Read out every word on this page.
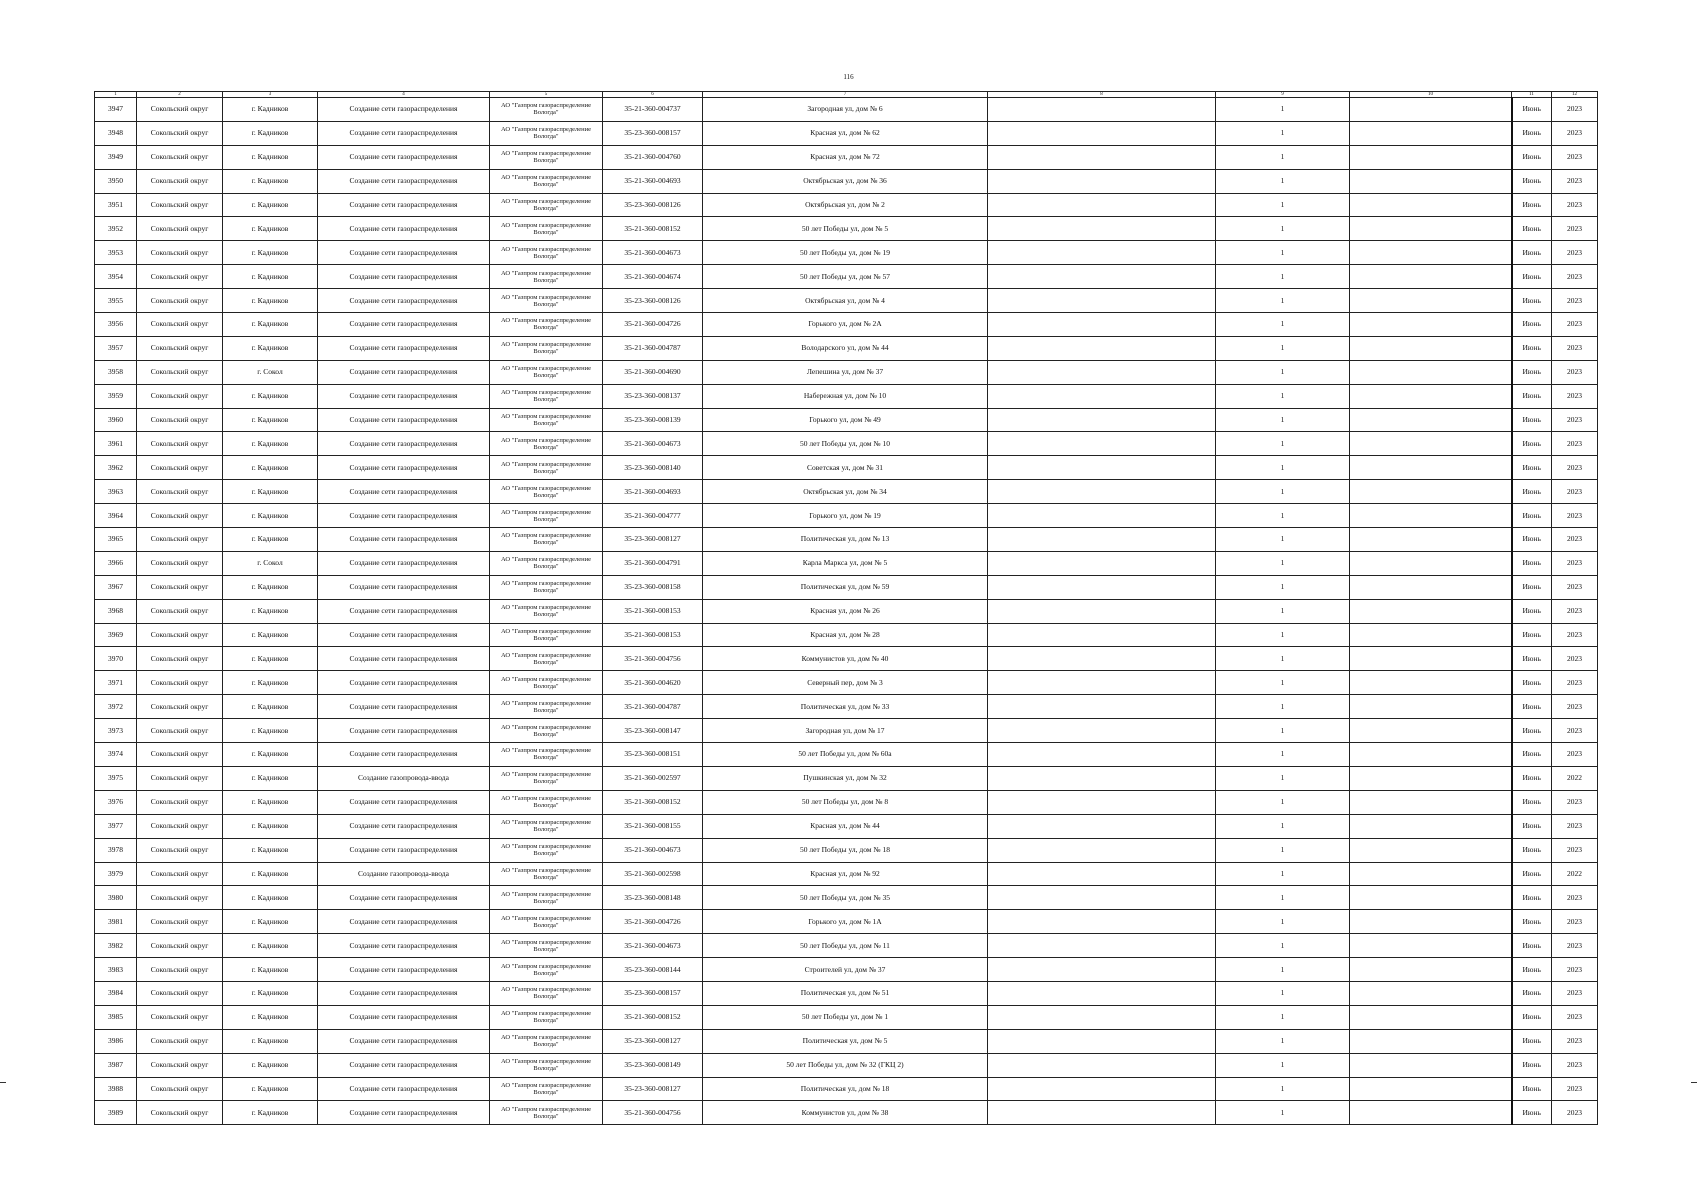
116
1	2	3	4	5	6	7	8	9	10	11	12
3947	Сокольский округ	г. Кадников	Создание сети газораспределения	АО "Газпром газораспределение Вологда"	35-21-360-004737	Загородная ул, дом № 6		1		Июнь	2023
3948	Сокольский округ	г. Кадников	Создание сети газораспределения	АО "Газпром газораспределение Вологда"	35-23-360-008157	Красная ул, дом № 62		1		Июнь	2023
3949	Сокольский округ	г. Кадников	Создание сети газораспределения	АО "Газпром газораспределение Вологда"	35-21-360-004760	Красная ул, дом № 72		1		Июнь	2023
3950	Сокольский округ	г. Кадников	Создание сети газораспределения	АО "Газпром газораспределение Вологда"	35-21-360-004693	Октябрьская ул, дом № 36		1		Июнь	2023
3951	Сокольский округ	г. Кадников	Создание сети газораспределения	АО "Газпром газораспределение Вологда"	35-23-360-008126	Октябрьская ул, дом № 2		1		Июнь	2023
3952	Сокольский округ	г. Кадников	Создание сети газораспределения	АО "Газпром газораспределение Вологда"	35-21-360-008152	50 лет Победы ул, дом № 5		1		Июнь	2023
3953	Сокольский округ	г. Кадников	Создание сети газораспределения	АО "Газпром газораспределение Вологда"	35-21-360-004673	50 лет Победы ул, дом № 19		1		Июнь	2023
3954	Сокольский округ	г. Кадников	Создание сети газораспределения	АО "Газпром газораспределение Вологда"	35-21-360-004674	50 лет Победы ул, дом № 57		1		Июнь	2023
3955	Сокольский округ	г. Кадников	Создание сети газораспределения	АО "Газпром газораспределение Вологда"	35-23-360-008126	Октябрьская ул, дом № 4		1		Июнь	2023
3956	Сокольский округ	г. Кадников	Создание сети газораспределения	АО "Газпром газораспределение Вологда"	35-21-360-004726	Горького ул, дом № 2А		1		Июнь	2023
3957	Сокольский округ	г. Кадников	Создание сети газораспределения	АО "Газпром газораспределение Вологда"	35-21-360-004787	Володарского ул, дом № 44		1		Июнь	2023
3958	Сокольский округ	г. Сокол	Создание сети газораспределения	АО "Газпром газораспределение Вологда"	35-21-360-004690	Лепешина ул, дом № 37		1		Июнь	2023
3959	Сокольский округ	г. Кадников	Создание сети газораспределения	АО "Газпром газораспределение Вологда"	35-23-360-008137	Набережная ул, дом № 10		1		Июнь	2023
3960	Сокольский округ	г. Кадников	Создание сети газораспределения	АО "Газпром газораспределение Вологда"	35-23-360-008139	Горького ул, дом № 49		1		Июнь	2023
3961	Сокольский округ	г. Кадников	Создание сети газораспределения	АО "Газпром газораспределение Вологда"	35-21-360-004673	50 лет Победы ул, дом № 10		1		Июнь	2023
3962	Сокольский округ	г. Кадников	Создание сети газораспределения	АО "Газпром газораспределение Вологда"	35-23-360-008140	Советская ул, дом № 31		1		Июнь	2023
3963	Сокольский округ	г. Кадников	Создание сети газораспределения	АО "Газпром газораспределение Вологда"	35-21-360-004693	Октябрьская ул, дом № 34		1		Июнь	2023
3964	Сокольский округ	г. Кадников	Создание сети газораспределения	АО "Газпром газораспределение Вологда"	35-21-360-004777	Горького ул, дом № 19		1		Июнь	2023
3965	Сокольский округ	г. Кадников	Создание сети газораспределения	АО "Газпром газораспределение Вологда"	35-23-360-008127	Политическая ул, дом № 13		1		Июнь	2023
3966	Сокольский округ	г. Сокол	Создание сети газораспределения	АО "Газпром газораспределение Вологда"	35-21-360-004791	Карла Маркса ул, дом № 5		1		Июнь	2023
3967	Сокольский округ	г. Кадников	Создание сети газораспределения	АО "Газпром газораспределение Вологда"	35-23-360-008158	Политическая ул, дом № 59		1		Июнь	2023
3968	Сокольский округ	г. Кадников	Создание сети газораспределения	АО "Газпром газораспределение Вологда"	35-21-360-008153	Красная ул, дом № 26		1		Июнь	2023
3969	Сокольский округ	г. Кадников	Создание сети газораспределения	АО "Газпром газораспределение Вологда"	35-21-360-008153	Красная ул, дом № 28		1		Июнь	2023
3970	Сокольский округ	г. Кадников	Создание сети газораспределения	АО "Газпром газораспределение Вологда"	35-21-360-004756	Коммунистов ул, дом № 40		1		Июнь	2023
3971	Сокольский округ	г. Кадников	Создание сети газораспределения	АО "Газпром газораспределение Вологда"	35-21-360-004620	Северный пер, дом № 3		1		Июнь	2023
3972	Сокольский округ	г. Кадников	Создание сети газораспределения	АО "Газпром газораспределение Вологда"	35-21-360-004787	Политическая ул, дом № 33		1		Июнь	2023
3973	Сокольский округ	г. Кадников	Создание сети газораспределения	АО "Газпром газораспределение Вологда"	35-23-360-008147	Загородная ул, дом № 17		1		Июнь	2023
3974	Сокольский округ	г. Кадников	Создание сети газораспределения	АО "Газпром газораспределение Вологда"	35-23-360-008151	50 лет Победы ул, дом № 60а		1		Июнь	2023
3975	Сокольский округ	г. Кадников	Создание газопровода-ввода	АО "Газпром газораспределение Вологда"	35-21-360-002597	Пушкинская ул, дом № 32		1		Июнь	2022
3976	Сокольский округ	г. Кадников	Создание сети газораспределения	АО "Газпром газораспределение Вологда"	35-21-360-008152	50 лет Победы ул, дом № 8		1		Июнь	2023
3977	Сокольский округ	г. Кадников	Создание сети газораспределения	АО "Газпром газораспределение Вологда"	35-21-360-008155	Красная ул, дом № 44		1		Июнь	2023
3978	Сокольский округ	г. Кадников	Создание сети газораспределения	АО "Газпром газораспределение Вологда"	35-21-360-004673	50 лет Победы ул, дом № 18		1		Июнь	2023
3979	Сокольский округ	г. Кадников	Создание газопровода-ввода	АО "Газпром газораспределение Вологда"	35-21-360-002598	Красная ул, дом № 92		1		Июнь	2022
3980	Сокольский округ	г. Кадников	Создание сети газораспределения	АО "Газпром газораспределение Вологда"	35-23-360-008148	50 лет Победы ул, дом № 35		1		Июнь	2023
3981	Сокольский округ	г. Кадников	Создание сети газораспределения	АО "Газпром газораспределение Вологда"	35-21-360-004726	Горького ул, дом № 1А		1		Июнь	2023
3982	Сокольский округ	г. Кадников	Создание сети газораспределения	АО "Газпром газораспределение Вологда"	35-21-360-004673	50 лет Победы ул, дом № 11		1		Июнь	2023
3983	Сокольский округ	г. Кадников	Создание сети газораспределения	АО "Газпром газораспределение Вологда"	35-23-360-008144	Строителей ул, дом № 37		1		Июнь	2023
3984	Сокольский округ	г. Кадников	Создание сети газораспределения	АО "Газпром газораспределение Вологда"	35-23-360-008157	Политическая ул, дом № 51		1		Июнь	2023
3985	Сокольский округ	г. Кадников	Создание сети газораспределения	АО "Газпром газораспределение Вологда"	35-21-360-008152	50 лет Победы ул, дом № 1		1		Июнь	2023
3986	Сокольский округ	г. Кадников	Создание сети газораспределения	АО "Газпром газораспределение Вологда"	35-23-360-008127	Политическая ул, дом № 5		1		Июнь	2023
3987	Сокольский округ	г. Кадников	Создание сети газораспределения	АО "Газпром газораспределение Вологда"	35-23-360-008149	50 лет Победы ул, дом № 32 (ГКЦ 2)		1		Июнь	2023
3988	Сокольский округ	г. Кадников	Создание сети газораспределения	АО "Газпром газораспределение Вологда"	35-23-360-008127	Политическая ул, дом № 18		1		Июнь	2023
3989	Сокольский округ	г. Кадников	Создание сети газораспределения	АО "Газпром газораспределение Вологда"	35-21-360-004756	Коммунистов ул, дом № 38		1		Июнь	2023
